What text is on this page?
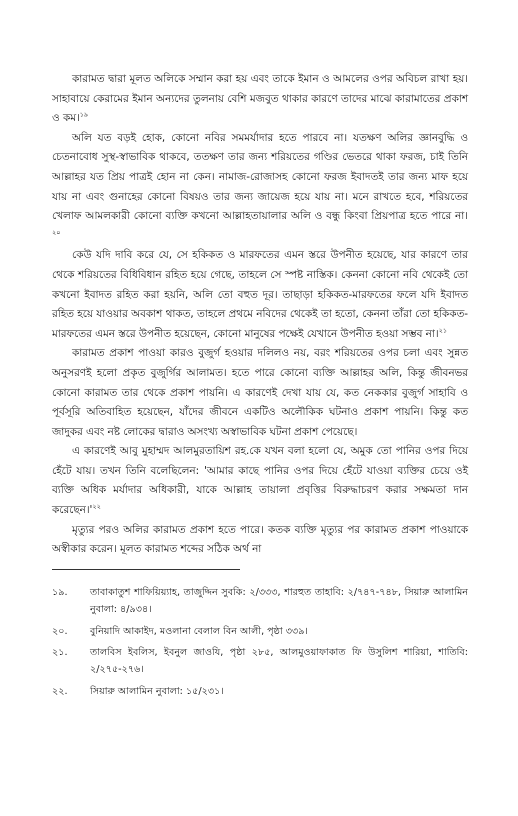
কারামত দ্বারা মূলত অলিকে সম্মান করা হয় এবং তাকে ইমান ও আমলের ওপর অবিচল রাখা হয়। সাহাবায়ে কেরামের ইমান অন্যদের তুলনায় বেশি মজবুত থাকার কারণে তাদের মাঝে কারামাতের প্রকাশ ও কম।$^{১৯}$

অলি যত বড়ই হোক, কোনো নবির সমমর্যাদার হতে পারবে না। যতক্ষণ অলির জ্ঞানবুদ্ধি ও চেতনাবোধ সুস্থ-স্বাভাবিক থাকবে, ততক্ষণ তার জন্য শরিয়তের গণ্ডির ভেতরে থাকা ফরজ, চাই তিনি আল্লাহর যত প্রিয় পাত্রই হোন না কেন। নামাজ-রোজাসহ কোনো ফরজ ইবাদতই তার জন্য মাফ হয়ে যায় না এবং গুনাহের কোনো বিষয়ও তার জন্য জায়েজ হয়ে যায় না। মনে রাখতে হবে, শরিয়তের খেলাফ আমলকারী কোনো ব্যক্তি কখনো আল্লাহতায়ালার অলি ও বন্ধু কিংবা প্রিয়পাত্র হতে পারে না।$^{২০}$

কেউ যদি দাবি করে যে, সে হকিকত ও মারফতের এমন স্তরে উপনীত হয়েছে, যার কারণে তার থেকে শরিয়তের বিধিবিধান রহিত হয়ে গেছে, তাহলে সে স্পষ্ট নাস্তিক। কেননা কোনো নবি থেকেই তো কখনো ইবাদত রহিত করা হয়নি, অলি তো বহুত দূর। তাছাড়া হকিকত-মারফতের ফলে যদি ইবাদত রহিত হয়ে যাওয়ার অবকাশ থাকত, তাহলে প্রথমে নবিদের থেকেই তা হতো, কেননা তাঁরা তো হকিকত-মারফতের এমন স্তরে উপনীত হয়েছেন, কোনো মানুষের পক্ষেই যেখানে উপনীত হওয়া সম্ভব না।$^{২১}$

কারামত প্রকাশ পাওয়া কারও বুজুর্গ হওয়ার দলিলও নয়, বরং শরিয়তের ওপর চলা এবং সুন্নত অনুসরণই হলো প্রকৃত বুজুর্গির আলামত। হতে পারে কোনো ব্যক্তি আল্লাহর অলি, কিন্তু জীবনভর কোনো কারামত তার থেকে প্রকাশ পায়নি। এ কারণেই দেখা যায় যে, কত নেককার বুজুর্গ সাহাবি ও পূর্বসূরি অতিবাহিত হয়েছেন, যাঁদের জীবনে একটিও অলৌকিক ঘটনাও প্রকাশ পায়নি। কিন্তু কত জাদুকর এবং নষ্ট লোকের দ্বারাও অসংখ্য অস্বাভাবিক ঘটনা প্রকাশ পেয়েছে।

এ কারণেই আবু মুহাম্মদ আলমুরতায়িশ রহ.কে যখন বলা হলো যে, অমুক তো পানির ওপর দিয়ে হেঁটে যায়। তখন তিনি বলেছিলেন: 'আমার কাছে পানির ওপর দিয়ে হেঁটে যাওয়া ব্যক্তির চেয়ে ওই ব্যক্তি অধিক মর্যাদার অধিকারী, যাকে আল্লাহ তায়ালা প্রবৃত্তির বিরুদ্ধাচরণ করার সক্ষমতা দান করেছেন।'$^{২২}$

মৃত্যুর পরও অলির কারামত প্রকাশ হতে পারে। কতক ব্যক্তি মৃত্যুর পর কারামত প্রকাশ পাওয়াকে অস্বীকার করেন। মূলত কারামত শব্দের সঠিক অর্থ না

১৯.	তাবাকাতুশ শাফিয়িয়্যাহ, তাজুদ্দিন সুবকি: ২/৩৩৩, শারহুত তাহাবি: ২/৭৪৭-৭৪৮, সিয়ারু আলামিন নুবালা: ৪/৯৩৪।
২০.	বুনিয়াদি আকাইদ, মওলানা বেলাল বিন আলী, পৃষ্ঠা ৩৩৯।
২১.	তালবিস ইবলিস, ইবনুল জাওযি, পৃষ্ঠা ২৮৫, আলমুওয়াফাকাত ফি উসুলিশ শারিয়া, শাতিবি: ২/২৭৫-২৭৬।
২২.	সিয়ারু আলামিন নুবালা: ১৫/২৩১।
